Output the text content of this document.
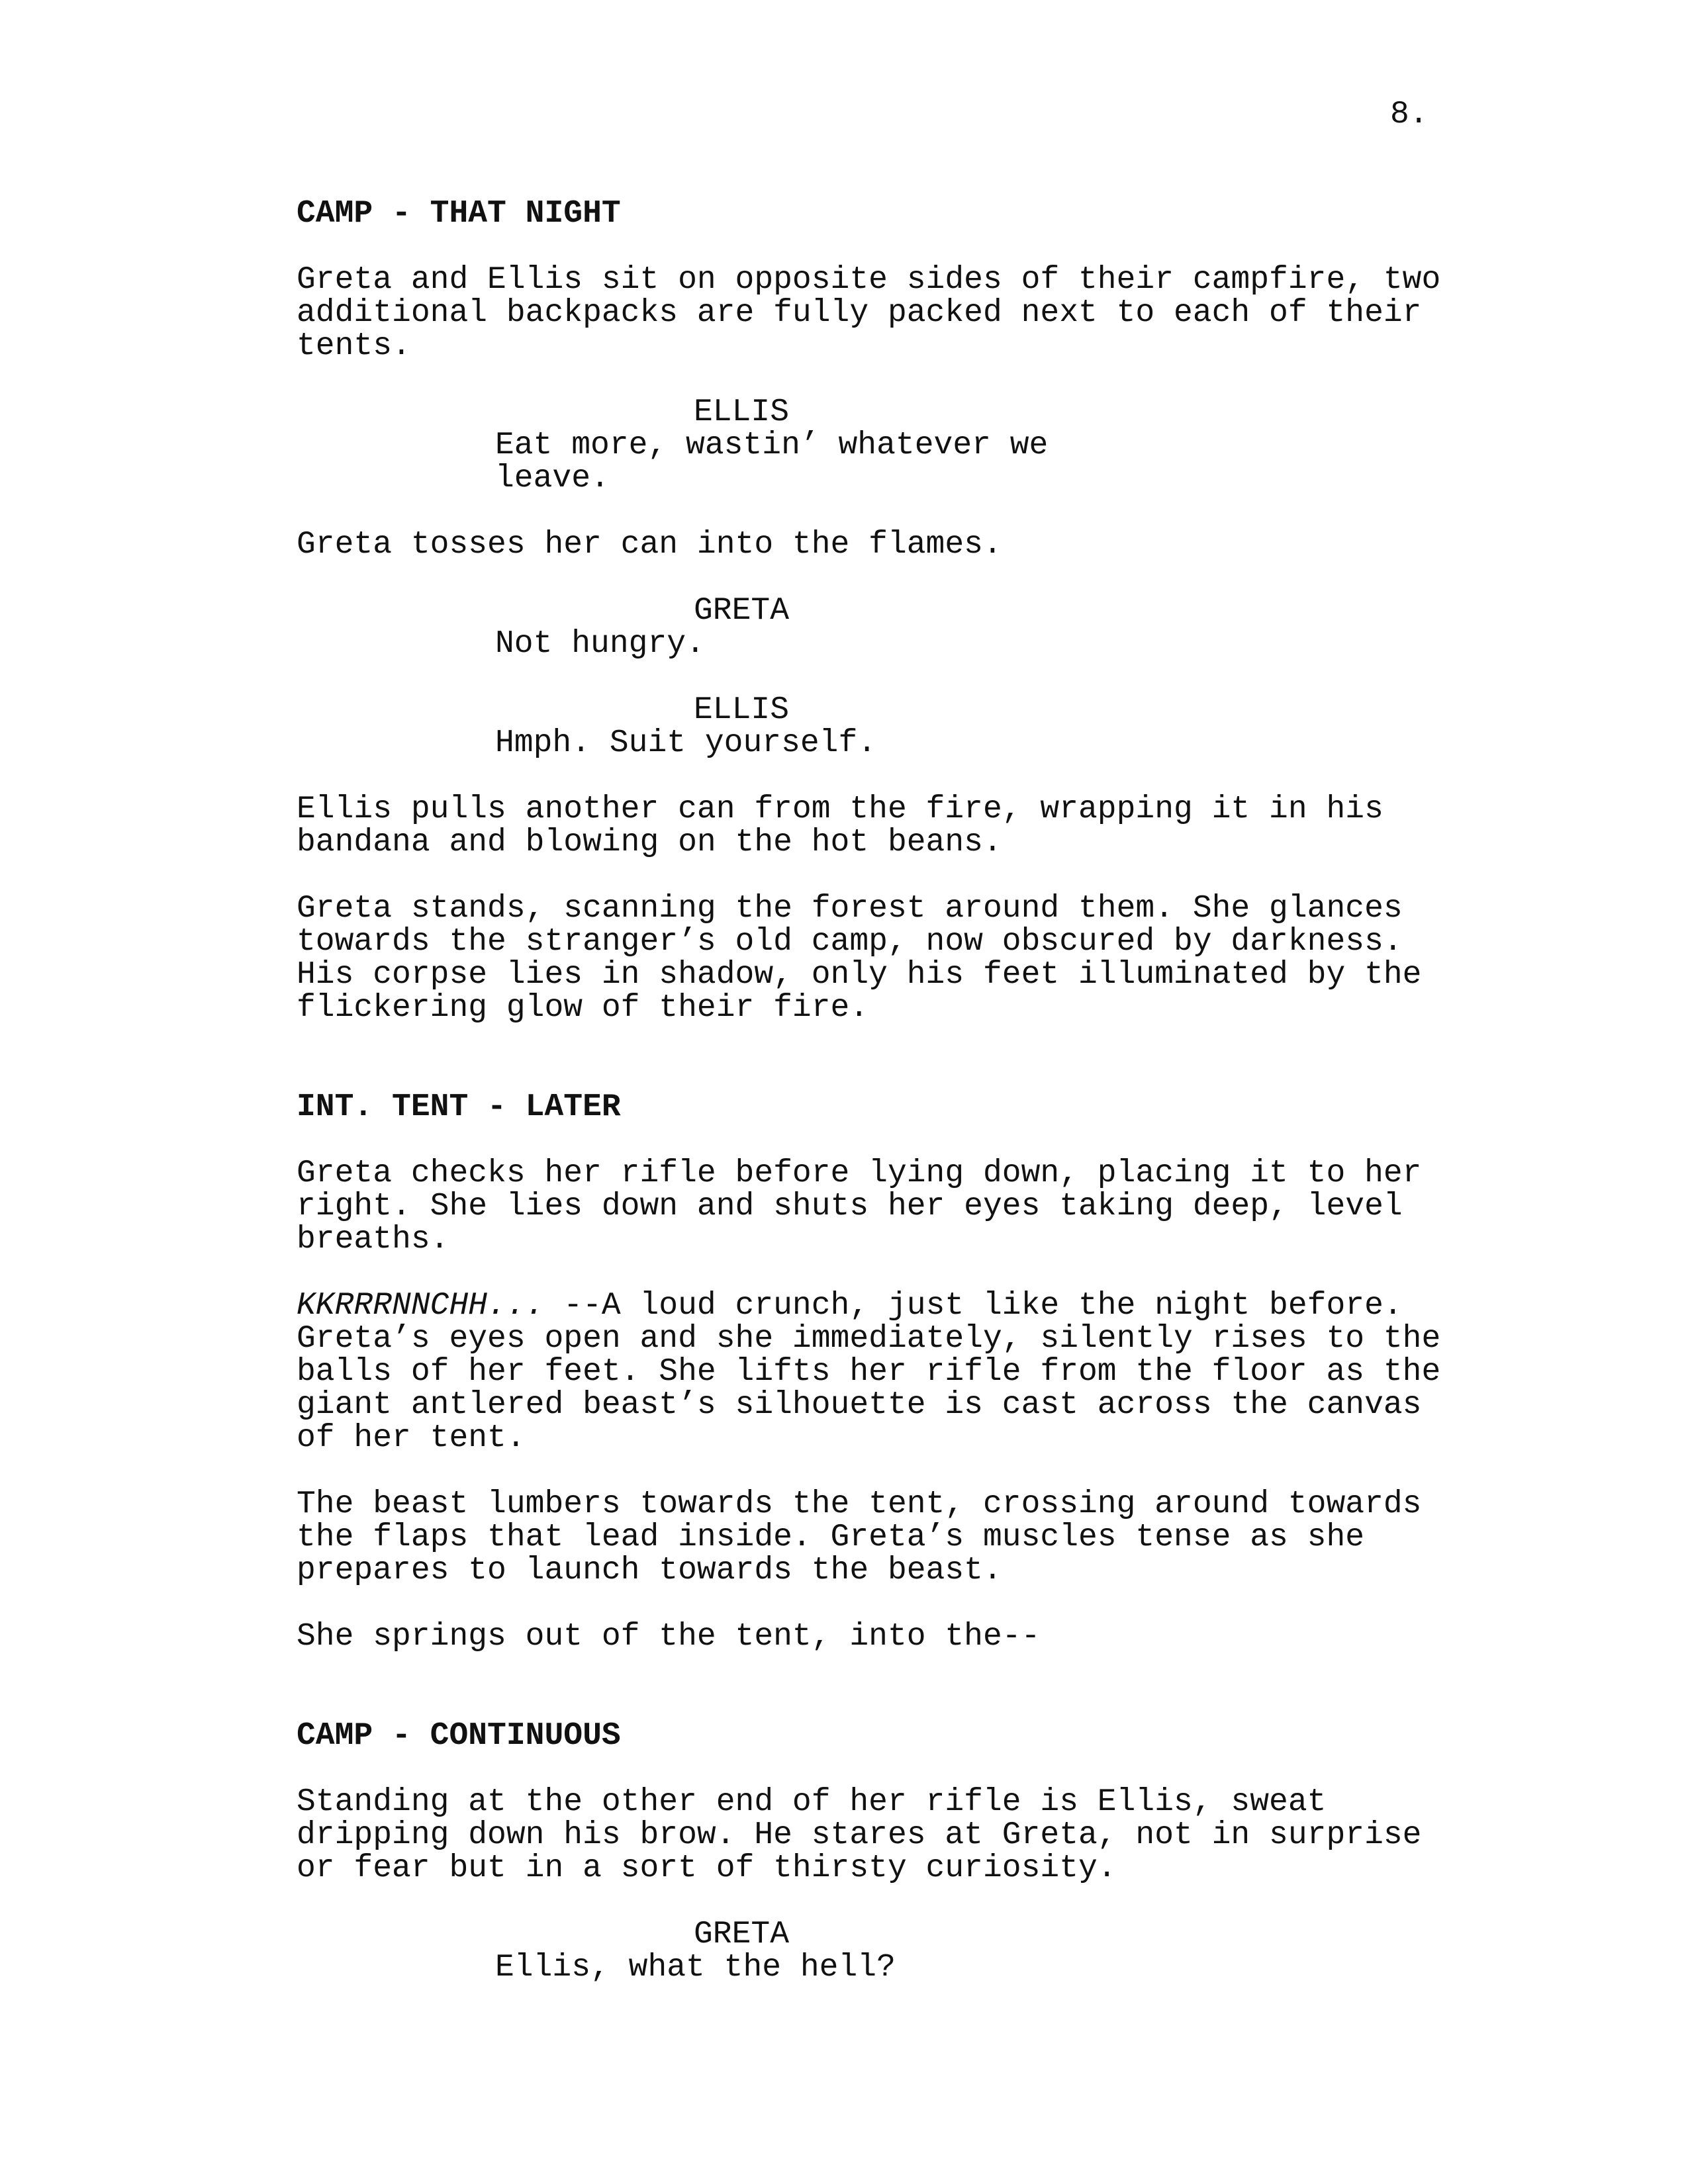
8.

CAMP - THAT NIGHT

Greta and Ellis sit on opposite sides of their campfire, two
additional backpacks are fully packed next to each of their
tents.

ELLIS

Eat more, wastin’ whatever we
leave.

Greta tosses her can into the flames.

GRETA

Not hungry.

ELLIS

Hmph. Suit yourself.

Ellis pulls another can from the fire, wrapping it in his
bandana and blowing on the hot beans.

Greta stands, scanning the forest around them. She glances
towards the stranger’s old camp, now obscured by darkness.
His corpse lies in shadow, only his feet illuminated by the
flickering glow of their fire.

INT. TENT - LATER

Greta checks her rifle before lying down, placing it to her
right. She lies down and shuts her eyes taking deep, level
breaths.

KKRRRNNCHH... --A loud crunch, just like the night before.
Greta’s eyes open and she immediately, silently rises to the
balls of her feet. She lifts her rifle from the floor as the
giant antlered beast’s silhouette is cast across the canvas
of her tent.

The beast lumbers towards the tent, crossing around towards
the flaps that lead inside. Greta’s muscles tense as she
prepares to launch towards the beast.

She springs out of the tent, into the--

CAMP - CONTINUOUS

Standing at the other end of her rifle is Ellis, sweat
dripping down his brow. He stares at Greta, not in surprise
or fear but in a sort of thirsty curiosity.

GRETA

Ellis, what the hell?
